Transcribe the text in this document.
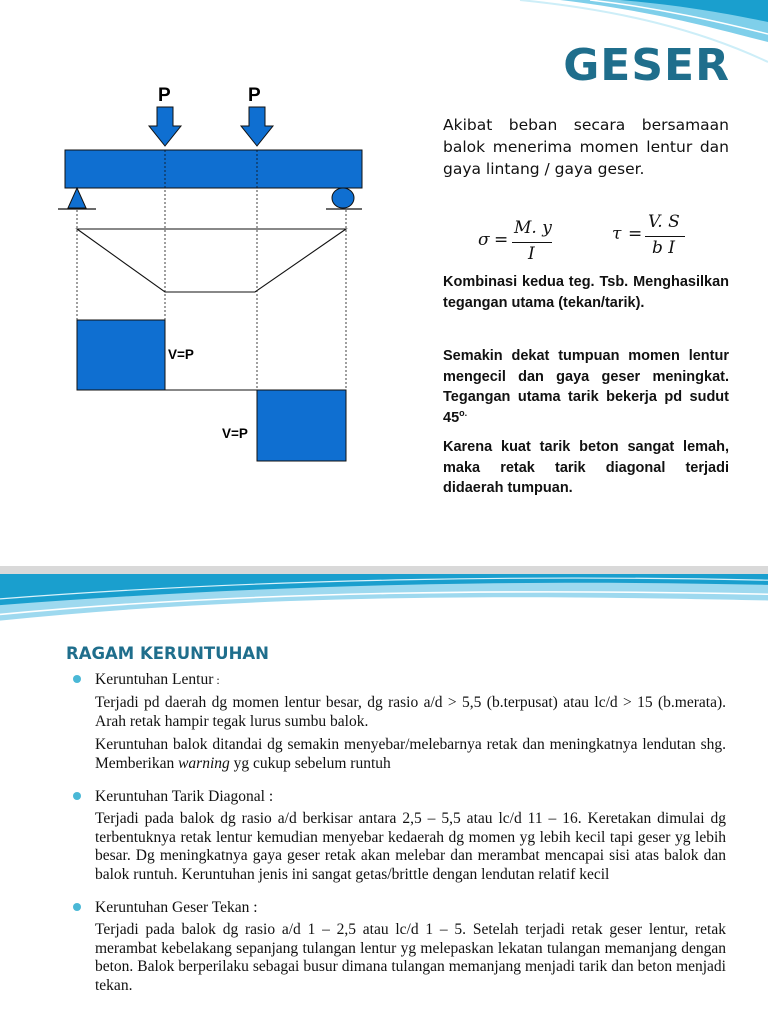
GESER
P	P
V=P
V=P
Akibat beban secara bersamaan balok menerima momen lentur dan gaya lintang / gaya geser.
σ =
M. y
I
τ =
V. S
b I
Kombinasi kedua teg. Tsb. Menghasilkan tegangan utama (tekan/tarik).
Semakin dekat tumpuan momen lentur mengecil dan gaya geser meningkat. Tegangan utama tarik bekerja pd sudut $45^{o.}$
Karena kuat tarik beton sangat lemah, maka retak tarik diagonal terjadi didaerah tumpuan.
RAGAM KERUNTUHAN
Keruntuhan Lentur :
Terjadi pd daerah dg momen lentur besar, dg rasio a/d > 5,5 (b.terpusat) atau lc/d > 15 (b.merata). Arah retak hampir tegak lurus sumbu balok.
Keruntuhan balok ditandai dg semakin menyebar/melebarnya retak dan meningkatnya lendutan shg. Memberikan warning yg cukup sebelum runtuh
Keruntuhan Tarik Diagonal :
Terjadi pada balok dg rasio a/d berkisar antara 2,5 – 5,5 atau lc/d 11 – 16. Keretakan dimulai dg terbentuknya retak lentur kemudian menyebar kedaerah dg momen yg lebih kecil tapi geser yg lebih besar. Dg meningkatnya gaya geser retak akan melebar dan merambat mencapai sisi atas balok dan balok runtuh. Keruntuhan jenis ini sangat getas/brittle dengan lendutan relatif kecil
Keruntuhan Geser Tekan :
Terjadi pada balok dg rasio a/d 1 – 2,5 atau lc/d 1 – 5. Setelah terjadi retak geser lentur, retak merambat kebelakang sepanjang tulangan lentur yg melepaskan lekatan tulangan memanjang dengan beton. Balok berperilaku sebagai busur dimana tulangan memanjang menjadi tarik dan beton menjadi tekan.
